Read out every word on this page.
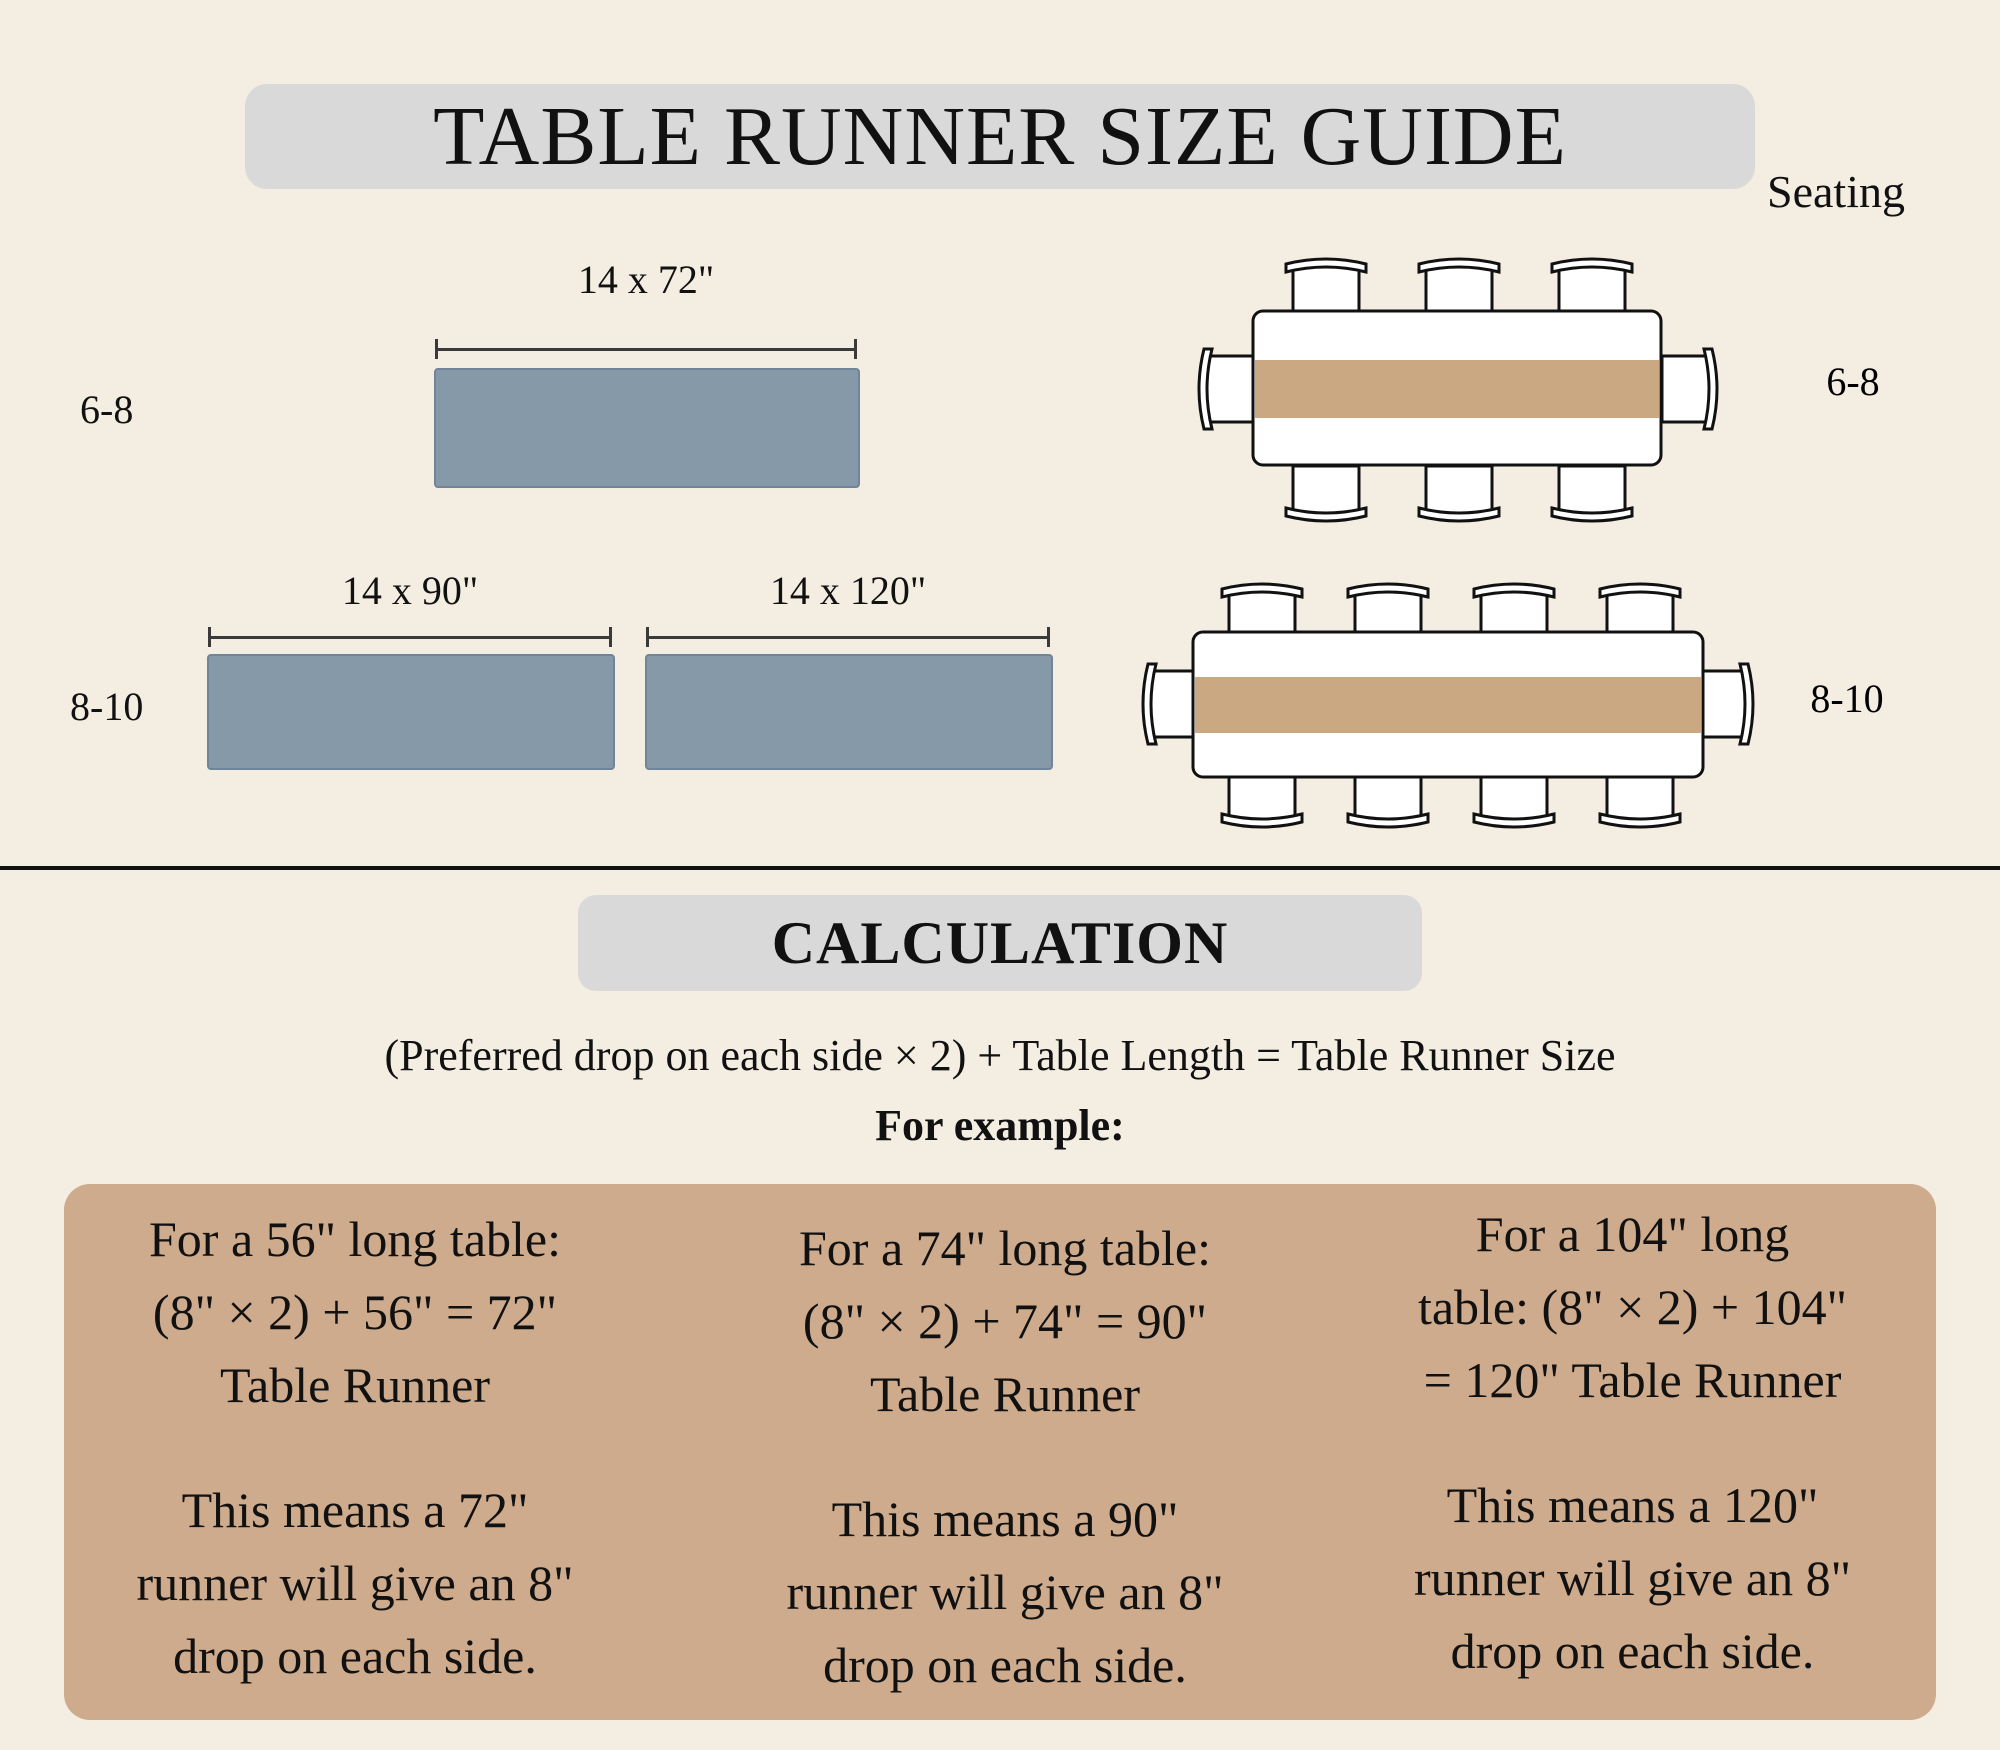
TABLE RUNNER SIZE GUIDE
Seating
6-8
14 x 72"
8-10
14 x 90"	14 x 120"
6-8
8-10
CALCULATION
(Preferred drop on each side × 2) + Table Length = Table Runner Size
For example:

For a 56" long table:

(8" × 2) + 56" = 72"

Table Runner

This means a 72"

runner will give an 8"

drop on each side.

For a 74" long table:

(8" × 2) + 74" = 90"

Table Runner

This means a 90"

runner will give an 8"

drop on each side.

For a 104" long

table: (8" × 2) + 104"

= 120" Table Runner

This means a 120"

runner will give an 8"

drop on each side.
